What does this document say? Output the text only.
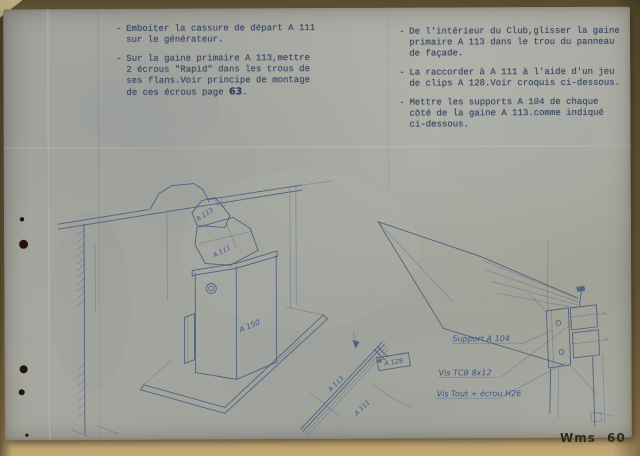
A 113
A 111
A 150
A 128
A 113
A 111
Support A 104
Vis TCB 8x12
Vis Tout + écrou H26
- Emboiter la cassure de départ A 111
sur le générateur.
- Sur la gaine primaire A 113,mettre
2 écrous "Rapid" dans les trous de
ses flans.Voir principe de montage
de ces écrous page 63.
- De l'intérieur du Club,glisser la gaine
primaire A 113 dans le trou du panneau
de façade.
- La raccorder à A 111 à l'aide d'un jeu
de clips A 128.Voir croquis ci-dessous.
- Mettre les supports A 104 de chaque
côté de la gaine A 113.comme indiqué
ci-dessous.
Wms 60
